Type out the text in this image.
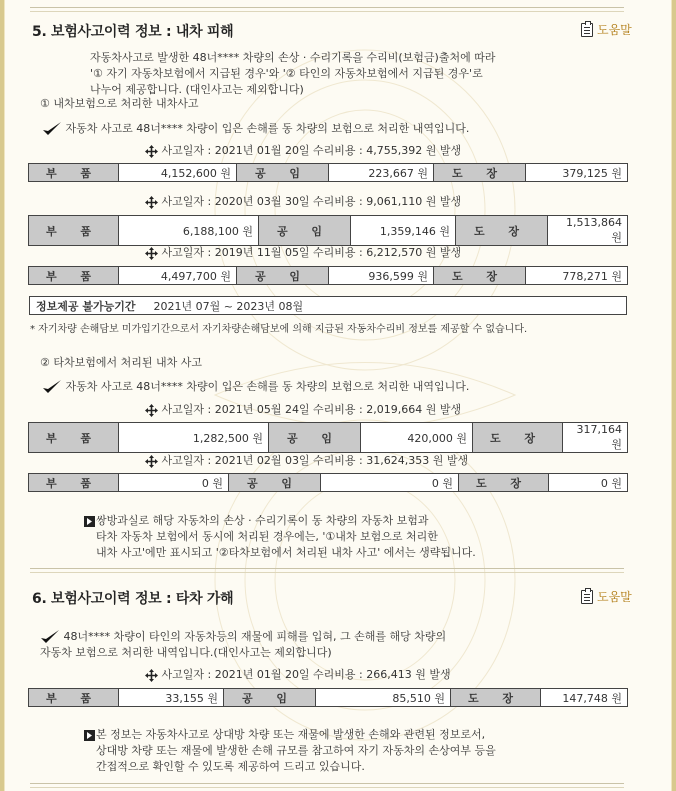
5. 보험사고이력 정보 : 내차 피해	도움말
자동차사고로 발생한 48너**** 차량의 손상 · 수리기록을 수리비(보험금)출처에 따라
'① 자기 자동차보험에서 지급된 경우'와 '② 타인의 자동차보험에서 지급된 경우'로
나누어 제공합니다. (대인사고는 제외합니다)
① 내차보험으로 처리한 내차사고
자동차 사고로 48너**** 차량이 입은 손해를 동 차량의 보험으로 처리한 내역입니다.
사고일자 : 2021년 01월 20일 수리비용 : 4,755,392 원 발생
부 품	4,152,600 원	공 임	223,667 원	도 장	379,125 원
사고일자 : 2020년 03월 30일 수리비용 : 9,061,110 원 발생
부 품	6,188,100 원	공 임	1,359,146 원	도 장	1,513,864 원
사고일자 : 2019년 11월 05일 수리비용 : 6,212,570 원 발생
부 품	4,497,700 원	공 임	936,599 원	도 장	778,271 원
정보제공 불가능기간 2021년 07월 ~ 2023년 08월
* 자기차량 손해담보 미가입기간으로서 자기차량손해담보에 의해 지급된 자동차수리비 정보를 제공할 수 없습니다.
② 타차보험에서 처리된 내차 사고
자동차 사고로 48너**** 차량이 입은 손해를 동 차량의 보험으로 처리한 내역입니다.
사고일자 : 2021년 05월 24일 수리비용 : 2,019,664 원 발생
부 품	1,282,500 원	공 임	420,000 원	도 장	317,164 원
사고일자 : 2021년 02월 03일 수리비용 : 31,624,353 원 발생
부 품	0 원	공 임	0 원	도 장	0 원
쌍방과실로 해당 자동차의 손상 · 수리기록이 동 차량의 자동차 보험과
타차 자동차 보험에서 동시에 처리된 경우에는, '①내차 보험으로 처리한
내차 사고'에만 표시되고 '②타차보험에서 처리된 내차 사고' 에서는 생략됩니다.
6. 보험사고이력 정보 : 타차 가해	도움말
48너**** 차량이 타인의 자동차등의 재물에 피해를 입혀, 그 손해를 해당 차량의
자동차 보험으로 처리한 내역입니다.(대인사고는 제외합니다)
사고일자 : 2021년 01월 20일 수리비용 : 266,413 원 발생
부 품	33,155 원	공 임	85,510 원	도 장	147,748 원
본 정보는 자동차사고로 상대방 차량 또는 재물에 발생한 손해와 관련된 정보로서,
상대방 차량 또는 재물에 발생한 손해 규모를 참고하여 자기 자동차의 손상여부 등을
간접적으로 확인할 수 있도록 제공하여 드리고 있습니다.
